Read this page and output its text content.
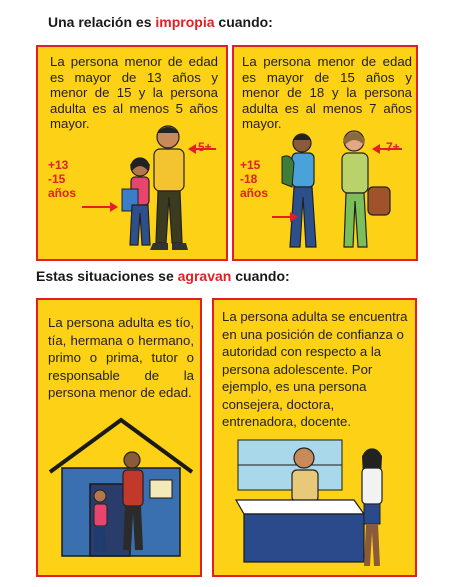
Una relación es impropia cuando:
La persona menor de edad es mayor de 13 años y menor de 15 y la persona adulta es al menos 5 años mayor.
5+
+13
-15
años
La persona menor de edad es mayor de 15 años y menor de 18 y la persona adulta es al menos 7 años mayor.
7+
+15
-18
años
Estas situaciones se agravan cuando:
La persona adulta es tío, tía, hermana o hermano, primo o prima, tutor o responsable de la persona menor de edad.
La persona adulta se encuentra en una posición de confianza o autoridad con respecto a la persona adolescente. Por ejemplo, es una persona consejera, doctora, entrenadora, docente.
